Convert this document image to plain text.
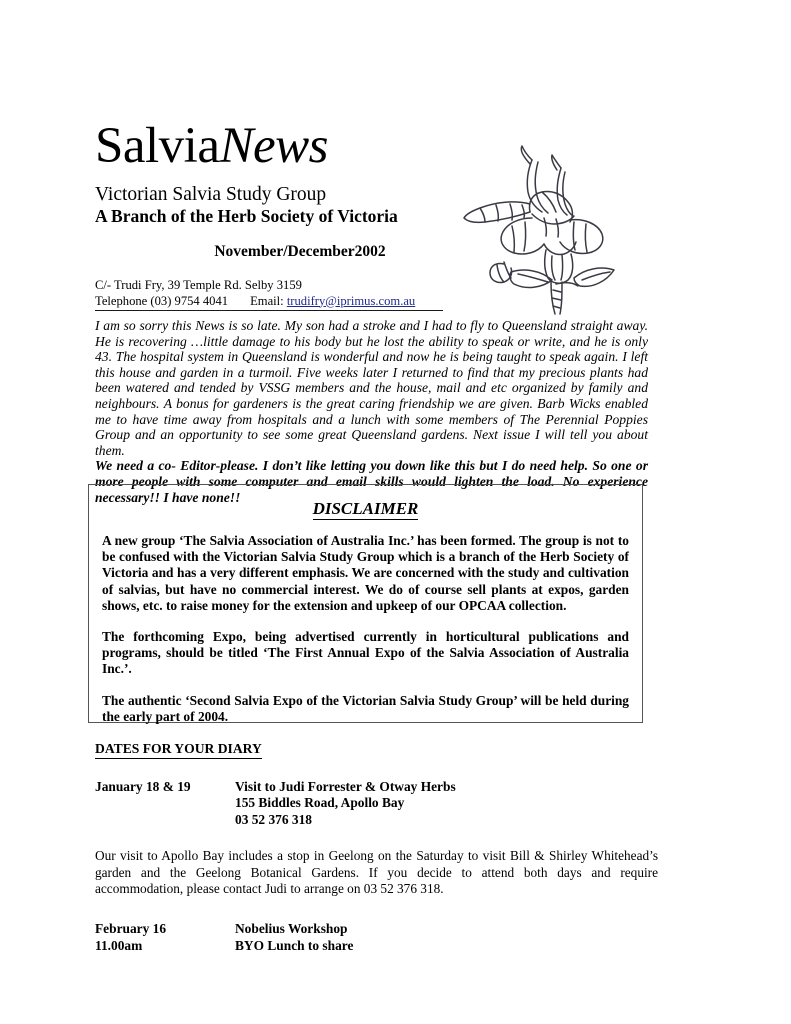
SalviaNews
Victorian Salvia Study Group
A Branch of the Herb Society of Victoria
November/December2002
C/- Trudi Fry, 39 Temple Rd. Selby 3159
Telephone (03) 9754 4041 Email: trudifry@iprimus.com.au
I am so sorry this News is so late. My son had a stroke and I had to fly to Queensland straight away. He is recovering …little damage to his body but he lost the ability to speak or write, and he is only 43. The hospital system in Queensland is wonderful and now he is being taught to speak again. I left this house and garden in a turmoil. Five weeks later I returned to find that my precious plants had been watered and tended by VSSG members and the house, mail and etc organized by family and neighbours. A bonus for gardeners is the great caring friendship we are given. Barb Wicks enabled me to have time away from hospitals and a lunch with some members of The Perennial Poppies Group and an opportunity to see some great Queensland gardens. Next issue I will tell you about them.
We need a co- Editor-please. I don’t like letting you down like this but I do need help. So one or more people with some computer and email skills would lighten the load. No experience necessary!! I have none!!
DISCLAIMER

A new group ‘The Salvia Association of Australia Inc.’ has been formed. The group is not to be confused with the Victorian Salvia Study Group which is a branch of the Herb Society of Victoria and has a very different emphasis. We are concerned with the study and cultivation of salvias, but have no commercial interest. We do of course sell plants at expos, garden shows, etc. to raise money for the extension and upkeep of our OPCAA collection.

The forthcoming Expo, being advertised currently in horticultural publications and programs, should be titled ‘The First Annual Expo of the Salvia Association of Australia Inc.’.

The authentic ‘Second Salvia Expo of the Victorian Salvia Study Group’ will be held during the early part of 2004.

DATES FOR YOUR DIARY
January 18 & 19	Visit to Judi Forrester & Otway Herbs
155 Biddles Road, Apollo Bay
03 52 376 318
Our visit to Apollo Bay includes a stop in Geelong on the Saturday to visit Bill & Shirley Whitehead’s garden and the Geelong Botanical Gardens. If you decide to attend both days and require accommodation, please contact Judi to arrange on 03 52 376 318.
February 16
11.00am
Nobelius Workshop
BYO Lunch to share
